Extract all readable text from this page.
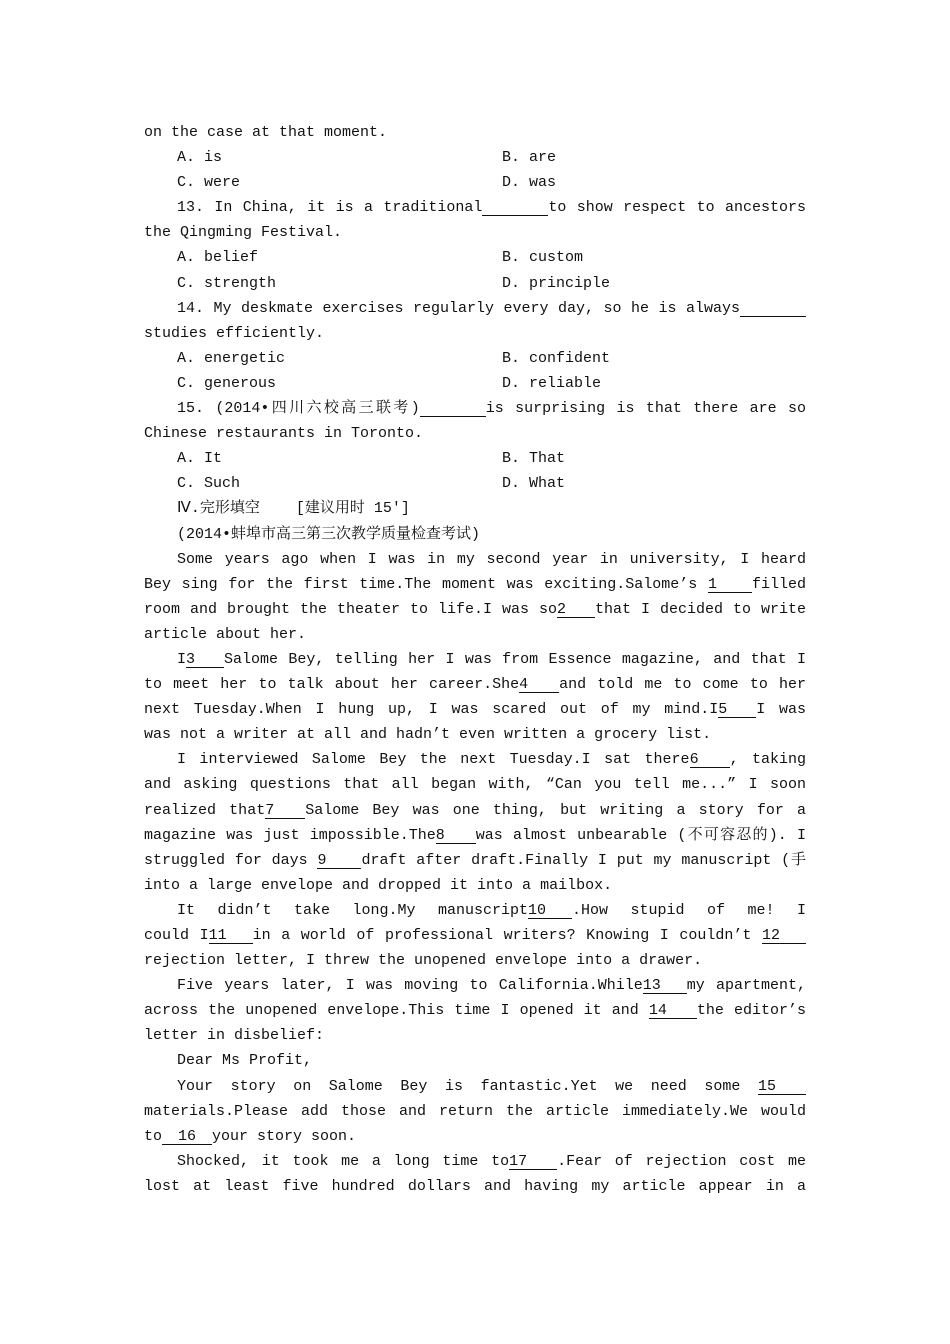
on the case at that moment.
A. is	B. are
C. were	D. was
13. In China, it is a traditional	to show respect to ancestors
the Qingming Festival.
A. belief	B. custom
C. strength	D. principle
14. My deskmate exercises regularly every day, so he is always
studies efficiently.
A. energetic	B. confident
C. generous	D. reliable
15. (2014•四川六校高三联考)	is surprising is that there are so
Chinese restaurants in Toronto.
A. It	B. That
C. Such	D. What
Ⅳ.完形填空 [建议用时 15′]
(2014•蚌埠市高三第三次教学质量检查考试)
Some years ago when I was in my second year in university, I heard
Bey sing for the first time.The moment was exciting.Salome’s 1 filled
room and brought the theater to life.I was so2 that I decided to write
article about her.
I3 Salome Bey, telling her I was from Essence magazine, and that I
to meet her to talk about her career.She4 and told me to come to her
next Tuesday.When I hung up, I was scared out of my mind.I5 I was
was not a writer at all and hadn’t even written a grocery list.
I interviewed Salome Bey the next Tuesday.I sat there6 , taking
and asking questions that all began with, “Can you tell me...” I soon
realized that7 Salome Bey was one thing, but writing a story for a
magazine was just impossible.The8 was almost unbearable (不可容忍的). I
struggled for days 9 draft after draft.Finally I put my manuscript (手
into a large envelope and dropped it into a mailbox.
It didn’t take long.My manuscript10 .How stupid of me! I
could I11 in a world of professional writers? Knowing I couldn’t 12
rejection letter, I threw the unopened envelope into a drawer.
Five years later, I was moving to California.While13 my apartment,
across the unopened envelope.This time I opened it and 14 the editor’s
letter in disbelief:
Dear Ms Profit,
Your story on Salome Bey is fantastic.Yet we need some 15
materials.Please add those and return the article immediately.We would
to 16 your story soon.
Shocked, it took me a long time to17 .Fear of rejection cost me
lost at least five hundred dollars and having my article appear in a
